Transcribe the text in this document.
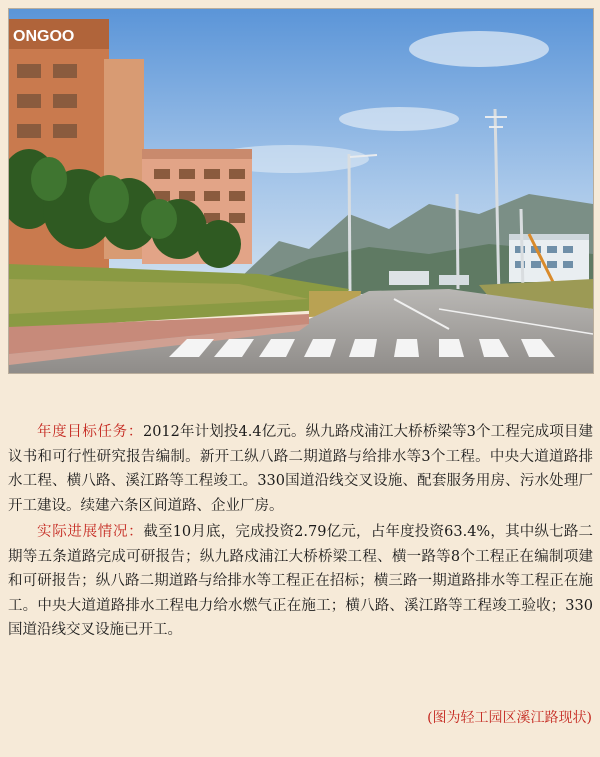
ONGOO

年度目标任务：2012年计划投4.4亿元。纵九路戍浦江大桥桥梁等3个工程完成项目建议书和可行性研究报告编制。新开工纵八路二期道路与给排水等3个工程。中央大道道路排水工程、横八路、溪江路等工程竣工。330国道沿线交叉设施、配套服务用房、污水处理厂开工建设。续建六条区间道路、企业厂房。

实际进展情况：截至10月底，完成投资2.79亿元，占年度投资63.4%，其中纵七路二期等五条道路完成可研报告；纵九路戍浦江大桥桥梁工程、横一路等8个工程正在编制项建和可研报告；纵八路二期道路与给排水等工程正在招标；横三路一期道路排水等工程正在施工。中央大道道路排水工程电力给水燃气正在施工；横八路、溪江路等工程竣工验收；330国道沿线交叉设施已开工。

(图为轻工园区溪江路现状)
